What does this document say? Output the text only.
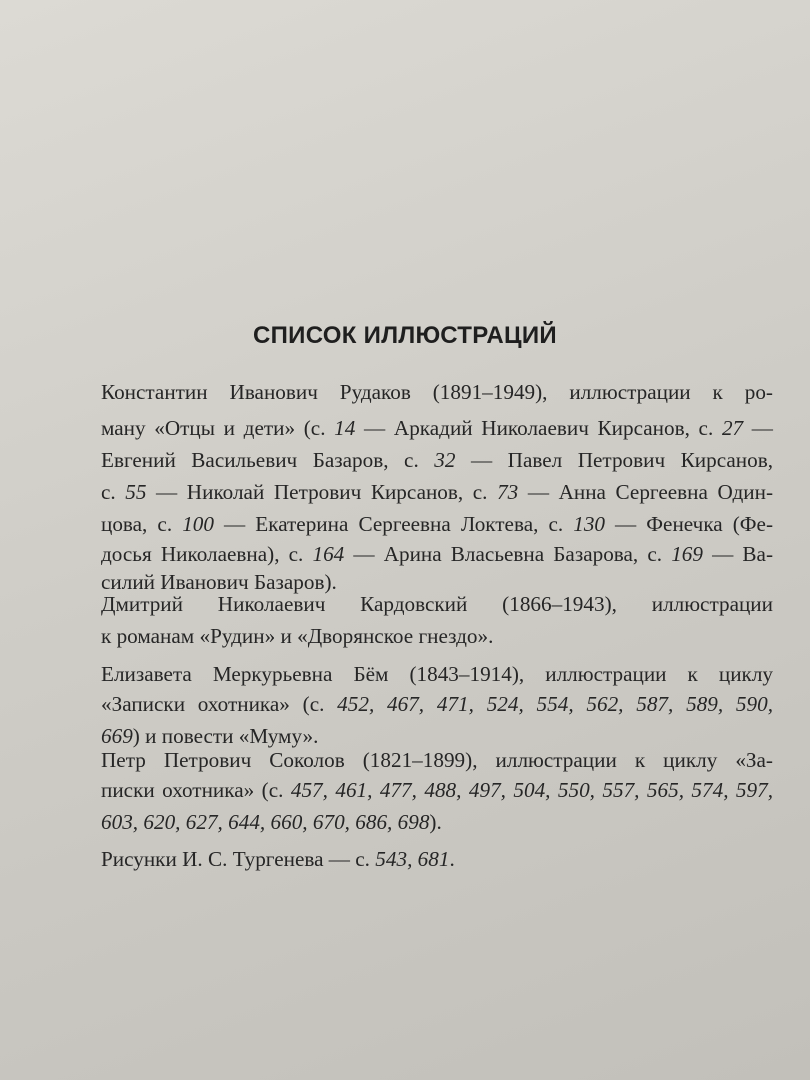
СПИСОК ИЛЛЮСТРАЦИЙ
Константин Иванович Рудаков (1891–1949), иллюстрации к ро-
ману «Отцы и дети» (с. 14 — Аркадий Николаевич Кирсанов, с. 27 —
Евгений Васильевич Базаров, с. 32 — Павел Петрович Кирсанов,
с. 55 — Николай Петрович Кирсанов, с. 73 — Анна Сергеевна Один-
цова, с. 100 — Екатерина Сергеевна Локтева, с. 130 — Фенечка (Фе-
досья Николаевна), с. 164 — Арина Власьевна Базарова, с. 169 — Ва-
силий Иванович Базаров).
Дмитрий Николаевич Кардовский (1866–1943), иллюстрации
к романам «Рудин» и «Дворянское гнездо».
Елизавета Меркурьевна Бём (1843–1914), иллюстрации к циклу
«Записки охотника» (с. 452, 467, 471, 524, 554, 562, 587, 589, 590,
669) и повести «Муму».
Петр Петрович Соколов (1821–1899), иллюстрации к циклу «За-
писки охотника» (с. 457, 461, 477, 488, 497, 504, 550, 557, 565, 574, 597,
603, 620, 627, 644, 660, 670, 686, 698).
Рисунки И. С. Тургенева — с. 543, 681.
